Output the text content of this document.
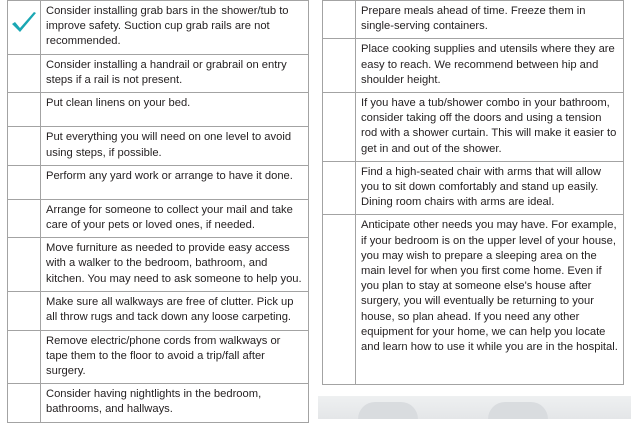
	Consider installing grab bars in the shower/tub to improve safety. Suction cup grab rails are not recommended.
	Consider installing a handrail or grabrail on entry steps if a rail is not present.
	Put clean linens on your bed.
	Put everything you will need on one level to avoid using steps, if possible.
	Perform any yard work or arrange to have it done.
	Arrange for someone to collect your mail and take care of your pets or loved ones, if needed.
	Move furniture as needed to provide easy access with a walker to the bedroom, bathroom, and kitchen. You may need to ask someone to help you.
	Make sure all walkways are free of clutter. Pick up all throw rugs and tack down any loose carpeting.
	Remove electric/phone cords from walkways or tape them to the floor to avoid a trip/fall after surgery.
	Consider having nightlights in the bedroom, bathrooms, and hallways.
	Prepare meals ahead of time. Freeze them in single-serving containers.
	Place cooking supplies and utensils where they are easy to reach. We recommend between hip and shoulder height.
	If you have a tub/shower combo in your bathroom, consider taking off the doors and using a tension rod with a shower curtain. This will make it easier to get in and out of the shower.
	Find a high-seated chair with arms that will allow you to sit down comfortably and stand up easily. Dining room chairs with arms are ideal.
	Anticipate other needs you may have. For example, if your bedroom is on the upper level of your house, you may wish to prepare a sleeping area on the main level for when you first come home. Even if you plan to stay at someone else's house after surgery, you will eventually be returning to your house, so plan ahead. If you need any other equipment for your home, we can help you locate and learn how to use it while you are in the hospital.
